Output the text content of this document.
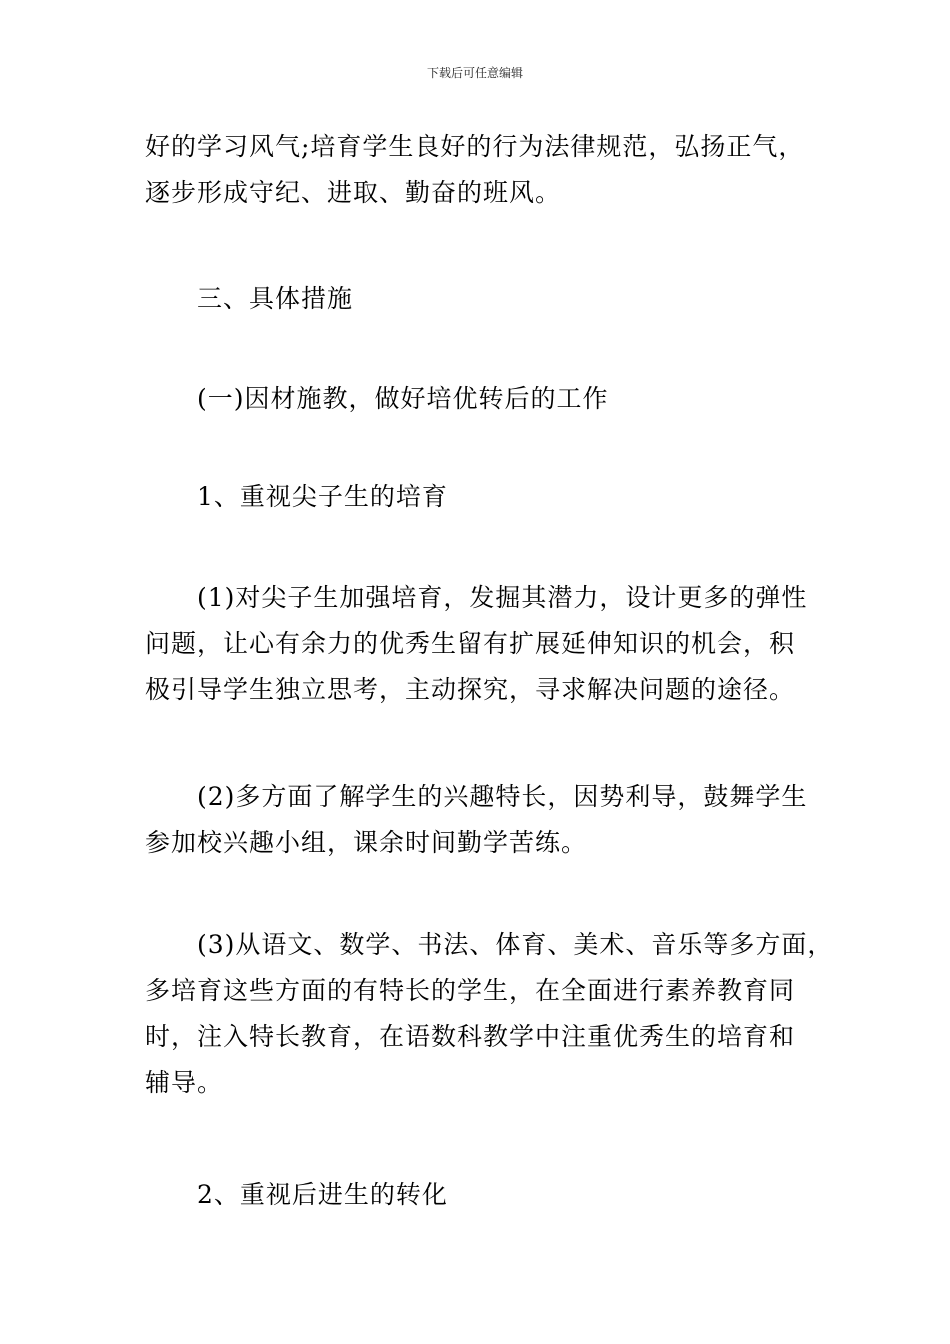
下载后可任意编辑
好的学习风气;培育学生良好的行为法律规范，弘扬正气，
逐步形成守纪、进取、勤奋的班风。
　　三、具体措施
　　(一)因材施教，做好培优转后的工作
　　1、重视尖子生的培育
　　(1)对尖子生加强培育，发掘其潜力，设计更多的弹性
问题，让心有余力的优秀生留有扩展延伸知识的机会，积
极引导学生独立思考，主动探究，寻求解决问题的途径。
　　(2)多方面了解学生的兴趣特长，因势利导，鼓舞学生
参加校兴趣小组，课余时间勤学苦练。
　　(3)从语文、数学、书法、体育、美术、音乐等多方面，
多培育这些方面的有特长的学生，在全面进行素养教育同
时，注入特长教育，在语数科教学中注重优秀生的培育和
辅导。
　　2、重视后进生的转化
